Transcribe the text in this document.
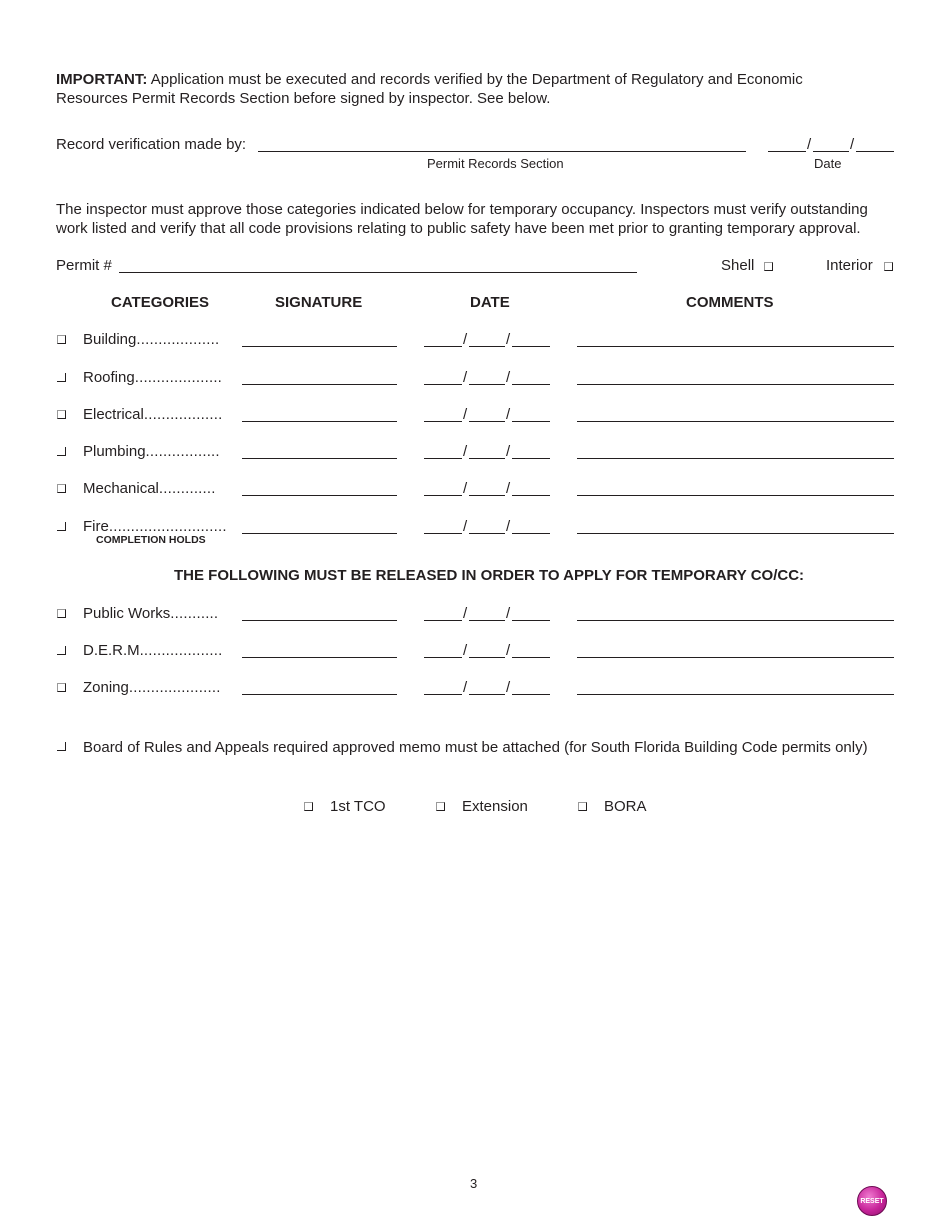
IMPORTANT: Application must be executed and records verified by the Department of Regulatory and Economic
Resources Permit Records Section before signed by inspector. See below.
Record verification made by:
Permit Records Section
/	/
Date
The inspector must approve those categories indicated below for temporary occupancy. Inspectors must verify outstanding
work listed and verify that all code provisions relating to public safety have been met prior to granting temporary approval.
Permit #	Shell	Interior
CATEGORIES	SIGNATURE	DATE	COMMENTS
Building...................	/	/
Roofing....................	/	/
Electrical..................	/	/
Plumbing.................	/	/
Mechanical.............	/	/
Fire...........................	/	/
COMPLETION HOLDS
THE FOLLOWING MUST BE RELEASED IN ORDER TO APPLY FOR TEMPORARY CO/CC:
Public Works...........	/	/
D.E.R.M...................	/	/
Zoning.....................	/	/
Board of Rules and Appeals required approved memo must be attached (for South Florida Building Code permits only)
1st TCO	Extension	BORA
3
RESET
